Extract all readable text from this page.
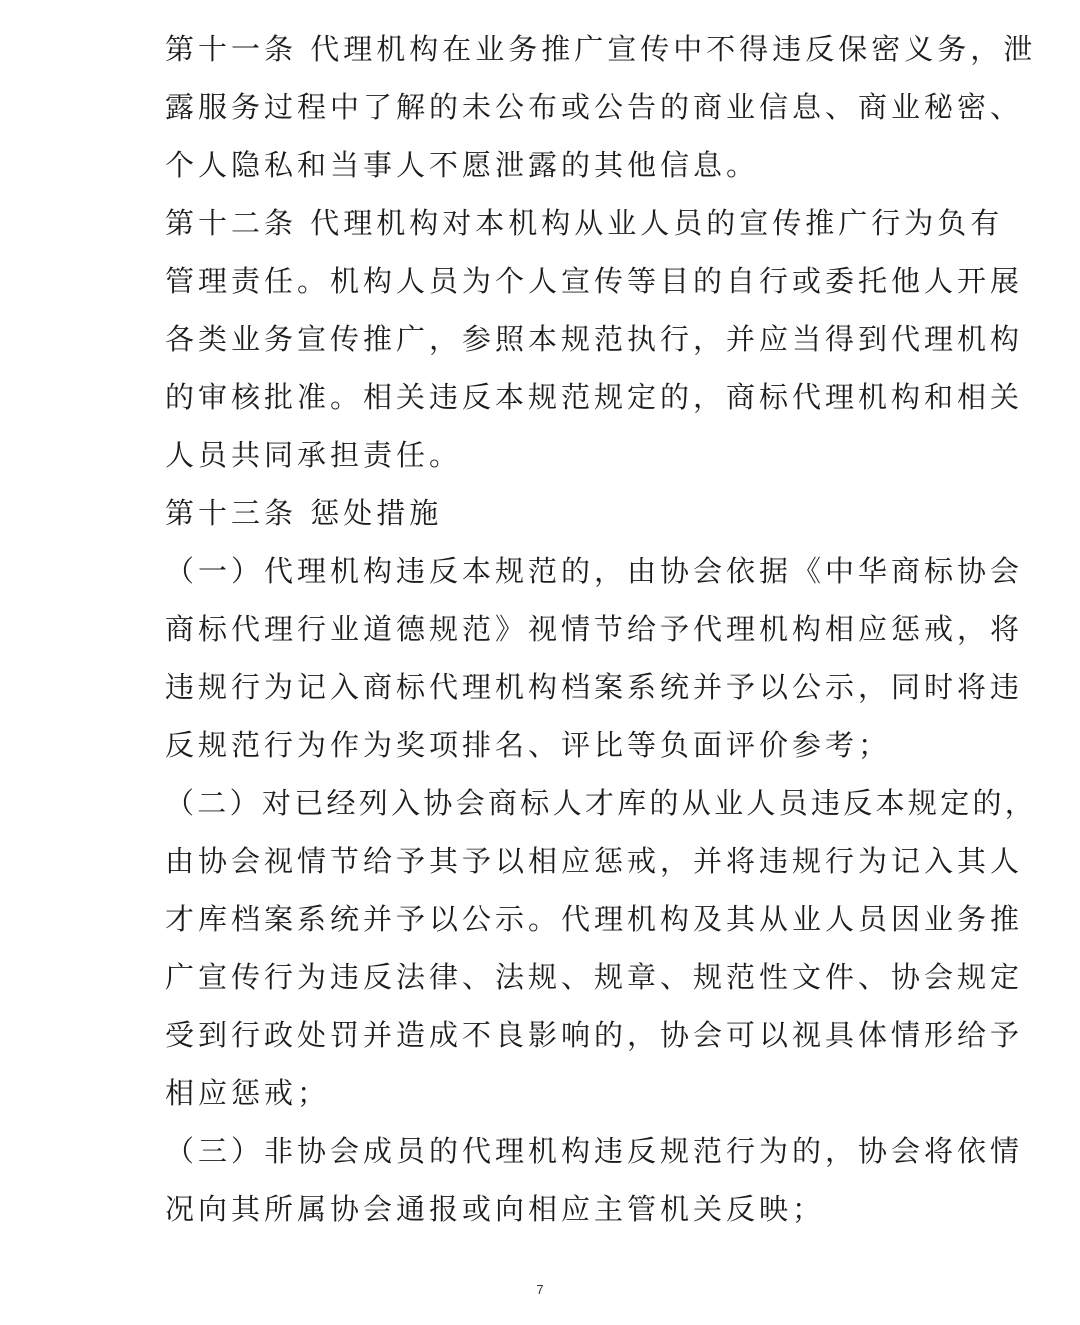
第十一条 代理机构在业务推广宣传中不得违反保密义务，泄
露服务过程中了解的未公布或公告的商业信息、商业秘密、
个人隐私和当事人不愿泄露的其他信息。
第十二条 代理机构对本机构从业人员的宣传推广行为负有
管理责任。机构人员为个人宣传等目的自行或委托他人开展
各类业务宣传推广，参照本规范执行，并应当得到代理机构
的审核批准。相关违反本规范规定的，商标代理机构和相关
人员共同承担责任。
第十三条 惩处措施
（一）代理机构违反本规范的，由协会依据《中华商标协会
商标代理行业道德规范》视情节给予代理机构相应惩戒，将
违规行为记入商标代理机构档案系统并予以公示，同时将违
反规范行为作为奖项排名、评比等负面评价参考；
（二）对已经列入协会商标人才库的从业人员违反本规定的，
由协会视情节给予其予以相应惩戒，并将违规行为记入其人
才库档案系统并予以公示。代理机构及其从业人员因业务推
广宣传行为违反法律、法规、规章、规范性文件、协会规定
受到行政处罚并造成不良影响的，协会可以视具体情形给予
相应惩戒；
（三）非协会成员的代理机构违反规范行为的，协会将依情
况向其所属协会通报或向相应主管机关反映；
7
